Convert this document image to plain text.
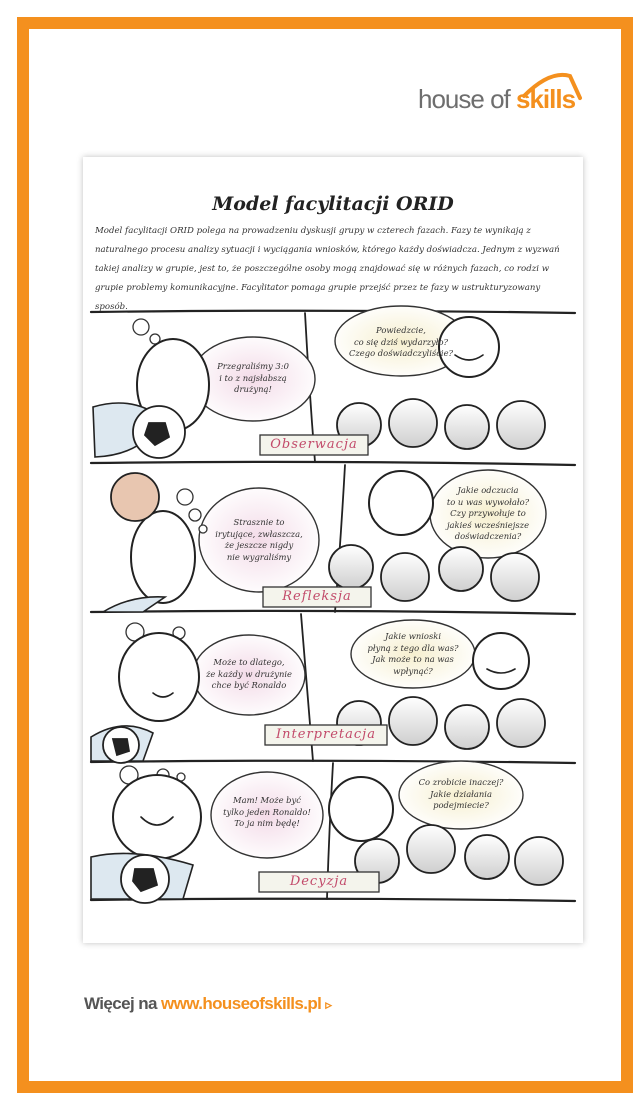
house of skills
Model facylitacji ORID
Model facylitacji ORID polega na prowadzeniu dyskusji grupy w czterech fazach. Fazy te wynikają z naturalnego procesu analizy sytuacji i wyciągania wniosków, którego każdy doświadcza. Jednym z wyzwań takiej analizy w grupie, jest to, że poszczególne osoby mogą znajdować się w różnych fazach, co rodzi w grupie problemy komunikacyjne. Facylitator pomaga grupie przejść przez te fazy w ustrukturyzowany sposób.
Przegraliśmy 3:0
i to z najsłabszą
drużyną!
Powiedzcie,
co się dziś wydarzyło?
Czego doświadczyliście?
Obserwacja
Strasznie to
irytujące, zwłaszcza,
że jeszcze nigdy
nie wygraliśmy
Jakie odczucia
to u was wywołało?
Czy przywołuje to
jakieś wcześniejsze
doświadczenia?
Refleksja
Może to dlatego,
że każdy w drużynie
chce być Ronaldo
Jakie wnioski
płyną z tego dla was?
Jak może to na was
wpłynąć?
Interpretacja
Mam! Może być
tylko jeden Ronaldo!
To ja nim będę!
Co zrobicie inaczej?
Jakie działania
podejmiecie?
Decyzja
Więcej na www.houseofskills.pl ▹
